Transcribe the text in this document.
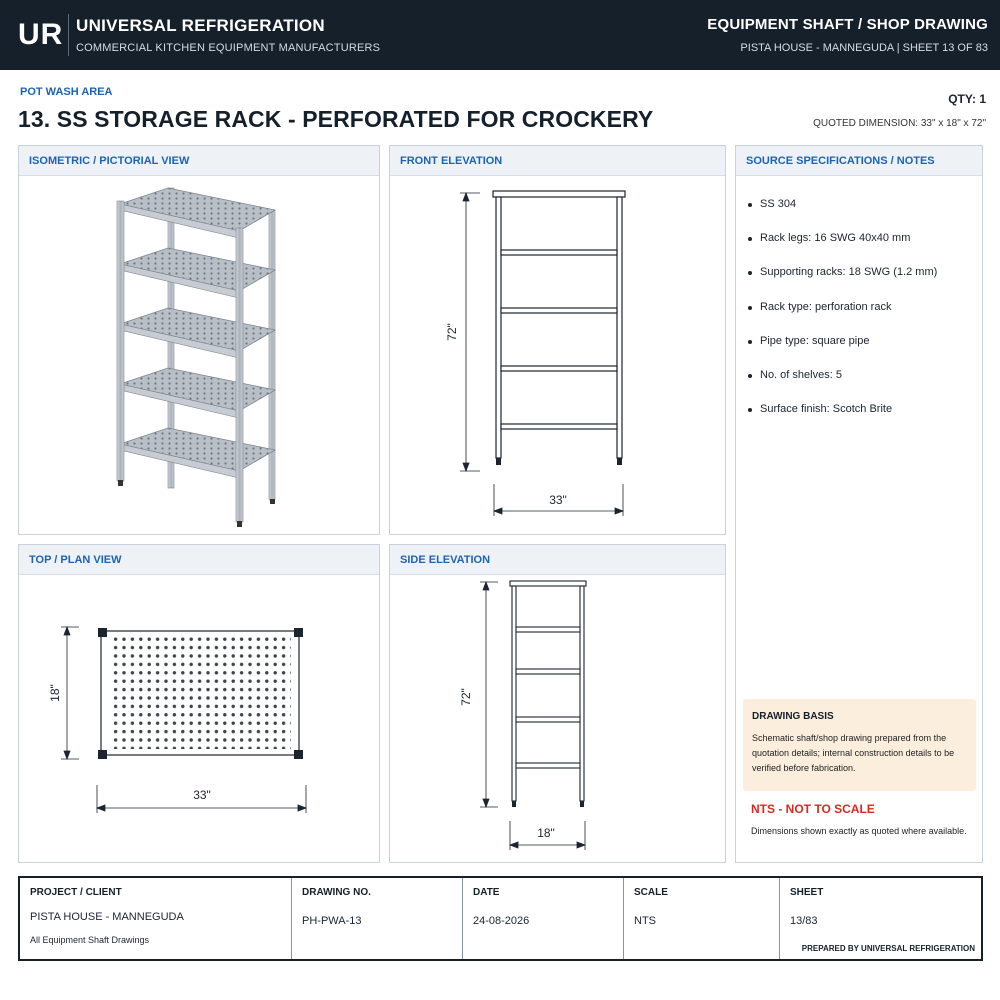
UR UNIVERSAL REFRIGERATION
COMMERCIAL KITCHEN EQUIPMENT MANUFACTURERS
EQUIPMENT SHAFT / SHOP DRAWING
PISTA HOUSE - MANNEGUDA | SHEET 13 OF 83
POT WASH AREA
13. SS STORAGE RACK - PERFORATED FOR CROCKERY
QTY: 1
QUOTED DIMENSION: 33" x 18" x 72"
ISOMETRIC / PICTORIAL VIEW	FRONT ELEVATION
72"
33"
SOURCE SPECIFICATIONS / NOTES
SS 304
Rack legs: 16 SWG 40x40 mm
Supporting racks: 18 SWG (1.2 mm)
Rack type: perforation rack
Pipe type: square pipe
No. of shelves: 5
Surface finish: Scotch Brite
DRAWING BASIS
Schematic shaft/shop drawing prepared from the quotation details; internal construction details to be verified before fabrication.
NTS - NOT TO SCALE
Dimensions shown exactly as quoted where available.
TOP / PLAN VIEW
18"
33"
SIDE ELEVATION
72"
18"
PROJECT / CLIENT
PISTA HOUSE - MANNEGUDA
All Equipment Shaft Drawings
DRAWING NO.
PH-PWA-13
DATE
24-08-2026
SCALE
NTS
SHEET
13/83
PREPARED BY UNIVERSAL REFRIGERATION
